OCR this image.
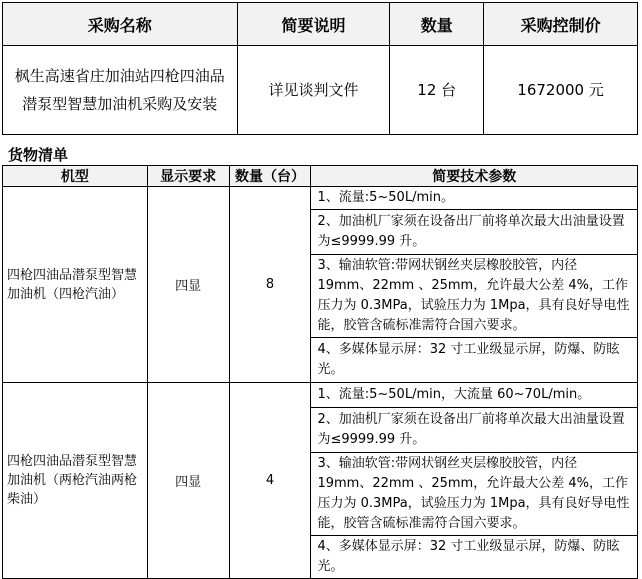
采购名称	简要说明	数量	采购控制价
枫生高速省庄加油站四枪四油品潜泵型智慧加油机采购及安装	详见谈判文件	12 台	1672000 元
货物清单
机型	显示要求	数量（台）	简要技术参数
四枪四油品潜泵型智慧加油机（四枪汽油）	四显	8	1、流量:5~50L/min。
			2、加油机厂家须在设备出厂前将单次最大出油量设置为≤9999.99 升。
			3、输油软管:带网状钢丝夹层橡胶胶管，内径 19mm、22mm 、25mm，允许最大公差 4%，工作压力为 0.3MPa，试验压力为 1Mpa，具有良好导电性能，胶管含硫标准需符合国六要求。
			4、多媒体显示屏：32 寸工业级显示屏，防爆、防眩光。
四枪四油品潜泵型智慧加油机（两枪汽油两枪柴油）	四显	4	1、流量:5~50L/min，大流量 60~70L/min。
			2、加油机厂家须在设备出厂前将单次最大出油量设置为≤9999.99 升。
			3、输油软管:带网状钢丝夹层橡胶胶管，内径 19mm、22mm 、25mm，允许最大公差 4%，工作压力为 0.3MPa，试验压力为 1Mpa，具有良好导电性能，胶管含硫标准需符合国六要求。
			4、多媒体显示屏：32 寸工业级显示屏，防爆、防眩光。
